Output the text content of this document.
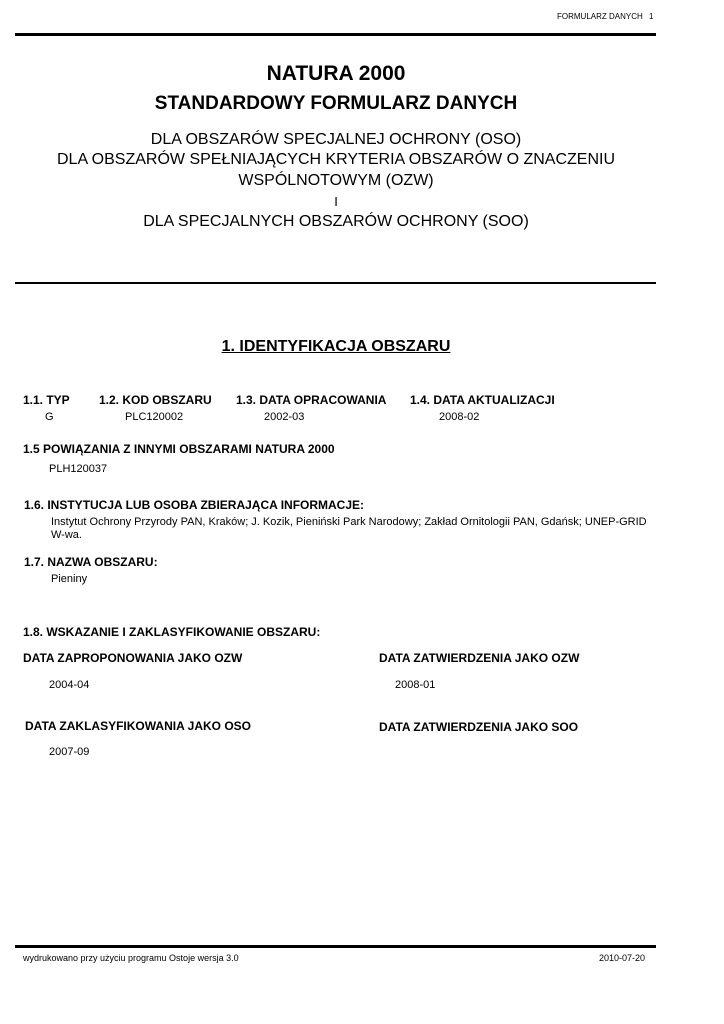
FORMULARZ DANYCH 1
NATURA 2000
STANDARDOWY FORMULARZ DANYCH
DLA OBSZARÓW SPECJALNEJ OCHRONY (OSO)
DLA OBSZARÓW SPEŁNIAJĄCYCH KRYTERIA OBSZARÓW O ZNACZENIU
WSPÓLNOTOWYM (OZW)
I
DLA SPECJALNYCH OBSZARÓW OCHRONY (SOO)
1. IDENTYFIKACJA OBSZARU
1.1. TYP
G
1.2. KOD OBSZARU
PLC120002
1.3. DATA OPRACOWANIA
2002-03
1.4. DATA AKTUALIZACJI
2008-02
1.5 POWIĄZANIA Z INNYMI OBSZARAMI NATURA 2000
PLH120037
1.6. INSTYTUCJA LUB OSOBA ZBIERAJĄCA INFORMACJE:
Instytut Ochrony Przyrody PAN, Kraków; J. Kozik, Pieniński Park Narodowy; Zakład Ornitologii PAN, Gdańsk; UNEP-GRID W-wa.
1.7. NAZWA OBSZARU:
Pieniny
1.8. WSKAZANIE I ZAKLASYFIKOWANIE OBSZARU:
DATA ZAPROPONOWANIA JAKO OZW
2004-04
DATA ZATWIERDZENIA JAKO OZW
2008-01
DATA ZAKLASYFIKOWANIA JAKO OSO
2007-09
DATA ZATWIERDZENIA JAKO SOO
wydrukowano przy użyciu programu Ostoje wersja 3.0	2010-07-20
